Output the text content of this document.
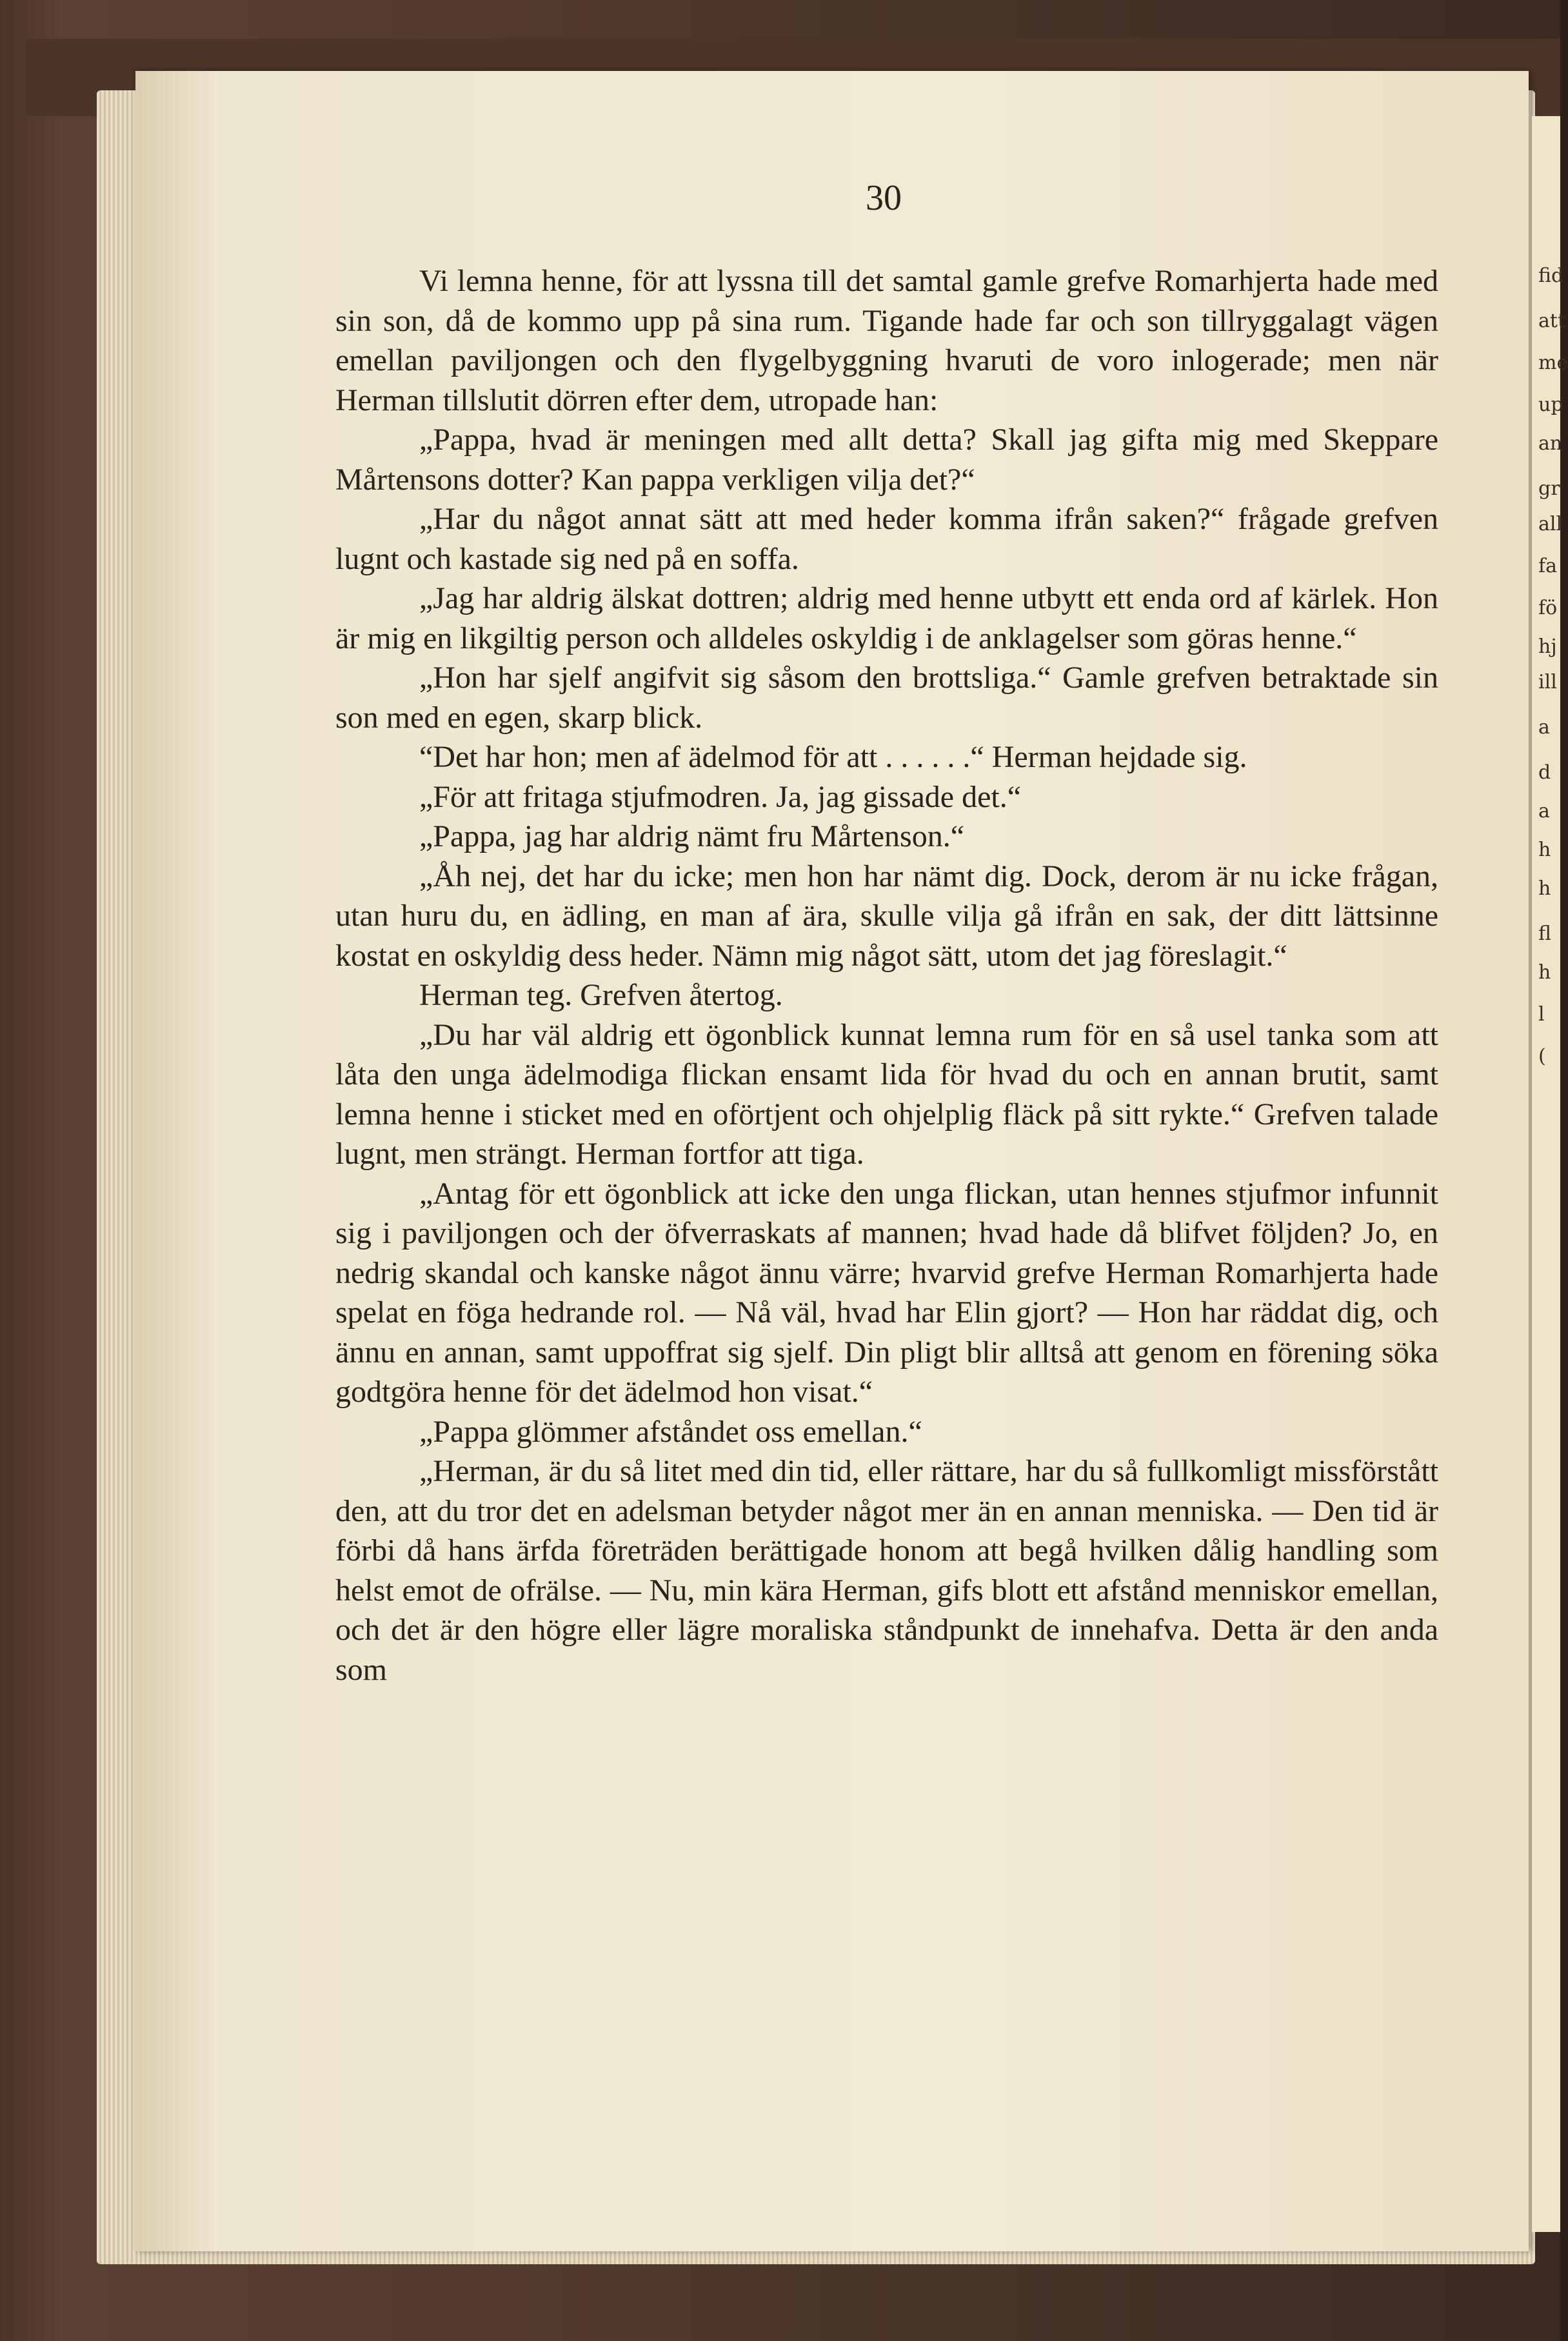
fid
att
me
up
an
gr
all
fa
fö
hj
ill
a
d
a
h
h
fl
h
l
(
30

Vi lemna henne, för att lyssna till det samtal gamle grefve Romarhjerta hade med sin son, då de kommo upp på sina rum. Tigande hade far och son tillryggalagt vägen emellan paviljongen och den flygelbyggning hvaruti de voro inlogerade; men när Herman tillslutit dörren efter dem, utropade han:

„Pappa, hvad är meningen med allt detta? Skall jag gifta mig med Skeppare Mårtensons dotter? Kan pappa verkligen vilja det?“

„Har du något annat sätt att med heder komma ifrån saken?“ frågade grefven lugnt och kastade sig ned på en soffa.

„Jag har aldrig älskat dottren; aldrig med henne utbytt ett enda ord af kärlek. Hon är mig en likgiltig person och alldeles oskyldig i de anklagelser som göras henne.“

„Hon har sjelf angifvit sig såsom den brottsliga.“ Gamle grefven betraktade sin son med en egen, skarp blick.

“Det har hon; men af ädelmod för att . . . . . .“ Herman hejdade sig.

„För att fritaga stjufmodren. Ja, jag gissade det.“

„Pappa, jag har aldrig nämt fru Mårtenson.“

„Åh nej, det har du icke; men hon har nämt dig. Dock, derom är nu icke frågan, utan huru du, en ädling, en man af ära, skulle vilja gå ifrån en sak, der ditt lättsinne kostat en oskyldig dess heder. Nämn mig något sätt, utom det jag föreslagit.“

Herman teg. Grefven återtog.

„Du har väl aldrig ett ögonblick kunnat lemna rum för en så usel tanka som att låta den unga ädelmodiga flickan ensamt lida för hvad du och en annan brutit, samt lemna henne i sticket med en oförtjent och ohjelplig fläck på sitt rykte.“ Grefven talade lugnt, men strängt. Herman fortfor att tiga.

„Antag för ett ögonblick att icke den unga flickan, utan hennes stjufmor infunnit sig i paviljongen och der öfverraskats af mannen; hvad hade då blifvet följden? Jo, en nedrig skandal och kanske något ännu värre; hvarvid grefve Herman Romarhjerta hade spelat en föga hedrande rol. — Nå väl, hvad har Elin gjort? — Hon har räddat dig, och ännu en annan, samt uppoffrat sig sjelf. Din pligt blir alltså att genom en förening söka godtgöra henne för det ädelmod hon visat.“

„Pappa glömmer afståndet oss emellan.“

„Herman, är du så litet med din tid, eller rättare, har du så fullkomligt missförstått den, att du tror det en adelsman betyder något mer än en annan menniska. — Den tid är förbi då hans ärfda företräden berättigade honom att begå hvilken dålig handling som helst emot de ofrälse. — Nu, min kära Herman, gifs blott ett afstånd menniskor emellan, och det är den högre eller lägre moraliska ståndpunkt de innehafva. Detta är den anda som
